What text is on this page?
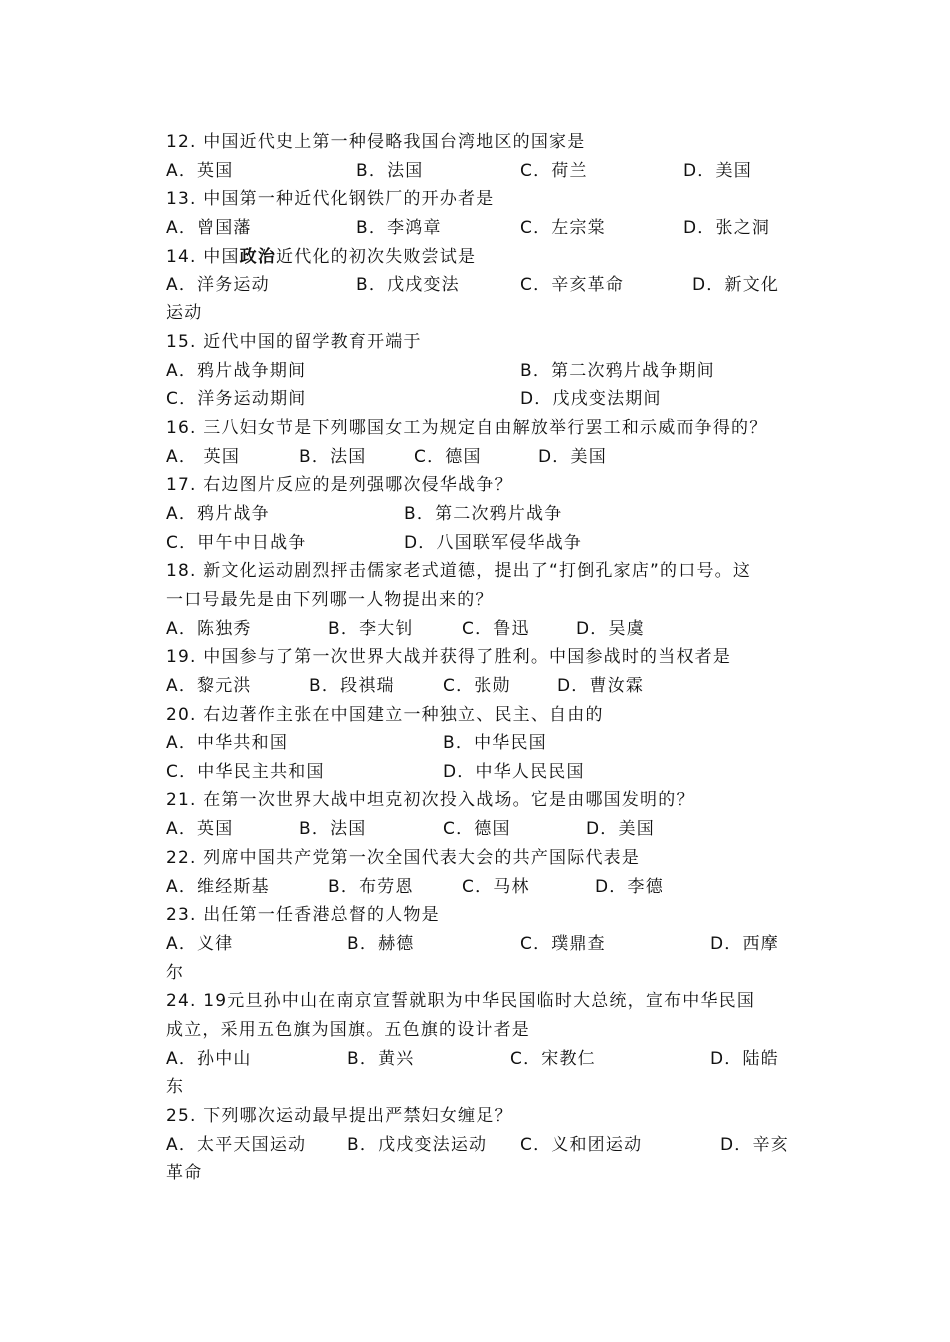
12. 中国近代史上第一种侵略我国台湾地区的国家是
A．英国	B．法国	C．荷兰	D．美国
13. 中国第一种近代化钢铁厂的开办者是
A．曾国藩	B．李鸿章	C．左宗棠	D．张之洞
14. 中国政治近代化的初次失败尝试是
A．洋务运动	B．戊戌变法	C．辛亥革命	D．新文化
运动
15. 近代中国的留学教育开端于
A．鸦片战争期间	B．第二次鸦片战争期间
C．洋务运动期间	D．戊戌变法期间
16. 三八妇女节是下列哪国女工为规定自由解放举行罢工和示威而争得的？
A． 英国	B．法国	C．德国	D．美国
17. 右边图片反应的是列强哪次侵华战争？
A．鸦片战争	B．第二次鸦片战争
C．甲午中日战争	D．八国联军侵华战争
18. 新文化运动剧烈抨击儒家老式道德，提出了“打倒孔家店”的口号。这
一口号最先是由下列哪一人物提出来的？
A．陈独秀	B．李大钊	C．鲁迅	D．吴虞
19. 中国参与了第一次世界大战并获得了胜利。中国参战时的当权者是
A．黎元洪	B．段祺瑞	C．张勋	D．曹汝霖
20. 右边著作主张在中国建立一种独立、民主、自由的
A．中华共和国	B．中华民国
C．中华民主共和国	D．中华人民民国
21. 在第一次世界大战中坦克初次投入战场。它是由哪国发明的？
A．英国	B．法国	C．德国	D．美国
22. 列席中国共产党第一次全国代表大会的共产国际代表是
A．维经斯基	B．布劳恩	C．马林	D．李德
23. 出任第一任香港总督的人物是
A．义律	B．赫德	C．璞鼎查	D．西摩
尔
24. 19元旦孙中山在南京宣誓就职为中华民国临时大总统，宣布中华民国
成立，采用五色旗为国旗。五色旗的设计者是
A．孙中山	B．黄兴	C．宋教仁	D．陆皓
东
25. 下列哪次运动最早提出严禁妇女缠足？
A．太平天国运动 B．戊戌变法运动 C．义和团运动	D．辛亥
革命
